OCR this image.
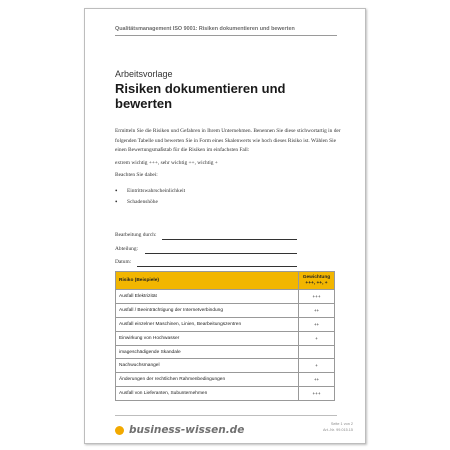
Qualitätsmanagement ISO 9001: Risiken dokumentieren und bewerten
Arbeitsvorlage
Risiken dokumentieren und bewerten
Ermitteln Sie die Risiken und Gefahren in Ihrem Unternehmen. Benennen Sie diese stichwortartig in der folgenden Tabelle und bewerten Sie in Form eines Skalenwerts wie hoch dieses Risiko ist. Wählen Sie einen Bewertungsmaßstab für die Risiken im einfachsten Fall:
extrem wichtig +++, sehr wichtig ++, wichtig +
Beachten Sie dabei:
• Eintrittswahrscheinlichkeit
• Schadenshöhe
Bearbeitung durch:
Abteilung:
Datum:
Risiko (Beispiele)	Gewichtung
+++, ++, +

Ausfall Elektrizität	+++
Ausfall / Beeinträchtigung der Internetverbindung	++
Ausfall einzelner Maschinen, Linien, Bearbeitungszentren	++
Einwirkung von Hochwasser	+
imageschädigende Skandale	
Nachwuchsmangel	+
Änderungen der rechtlichen Rahmenbedingungen	++
Ausfall von Lieferanten, Subunternehmen	+++
business-wissen.de	Seite 1 von 2
Art.-Nr. 99.015.15
